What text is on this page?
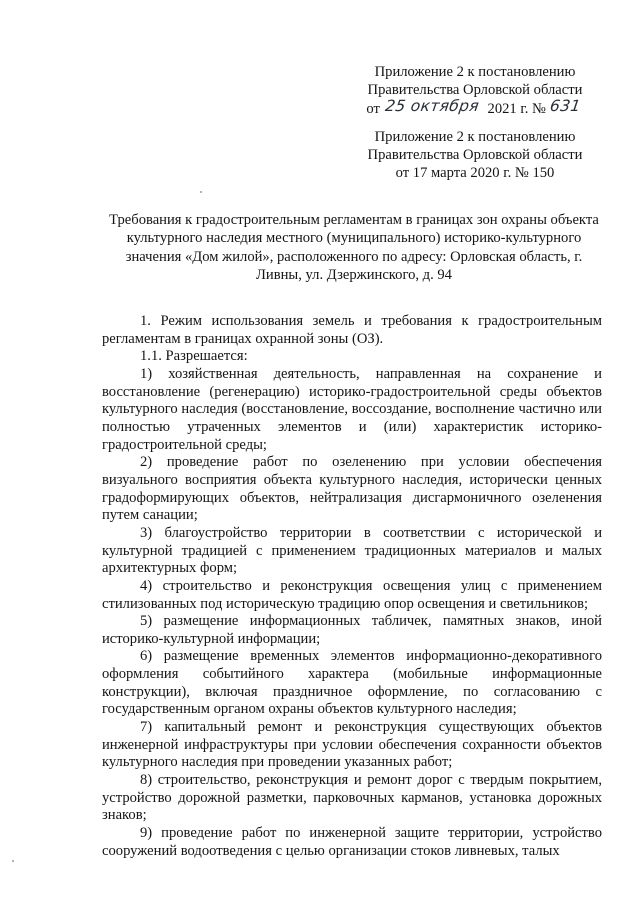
Приложение 2 к постановлению
Правительства Орловской области
от 25 октября 2021 г. № 631
Приложение 2 к постановлению
Правительства Орловской области
от 17 марта 2020 г. № 150
Требования к градостроительным регламентам в границах зон охраны объекта культурного наследия местного (муниципального) историко-культурного значения «Дом жилой», расположенного по адресу: Орловская область, г. Ливны, ул. Дзержинского, д. 94

1. Режим использования земель и требования к градостроительным регламентам в границах охранной зоны (ОЗ).

1.1. Разрешается:

1) хозяйственная деятельность, направленная на сохранение и восстановление (регенерацию) историко-градостроительной среды объектов культурного наследия (восстановление, воссоздание, восполнение частично или полностью утраченных элементов и (или) характеристик историко-градостроительной среды;

2) проведение работ по озеленению при условии обеспечения визуального восприятия объекта культурного наследия, исторически ценных градоформирующих объектов, нейтрализация дисгармоничного озеленения путем санации;

3) благоустройство территории в соответствии с исторической и культурной традицией с применением традиционных материалов и малых архитектурных форм;

4) строительство и реконструкция освещения улиц с применением стилизованных под историческую традицию опор освещения и светильников;

5) размещение информационных табличек, памятных знаков, иной историко-культурной информации;

6) размещение временных элементов информационно-декоративного оформления событийного характера (мобильные информационные конструкции), включая праздничное оформление, по согласованию с государственным органом охраны объектов культурного наследия;

7) капитальный ремонт и реконструкция существующих объектов инженерной инфраструктуры при условии обеспечения сохранности объектов культурного наследия при проведении указанных работ;

8) строительство, реконструкция и ремонт дорог с твердым покрытием, устройство дорожной разметки, парковочных карманов, установка дорожных знаков;

9) проведение работ по инженерной защите территории, устройство сооружений водоотведения с целью организации стоков ливневых, талых
